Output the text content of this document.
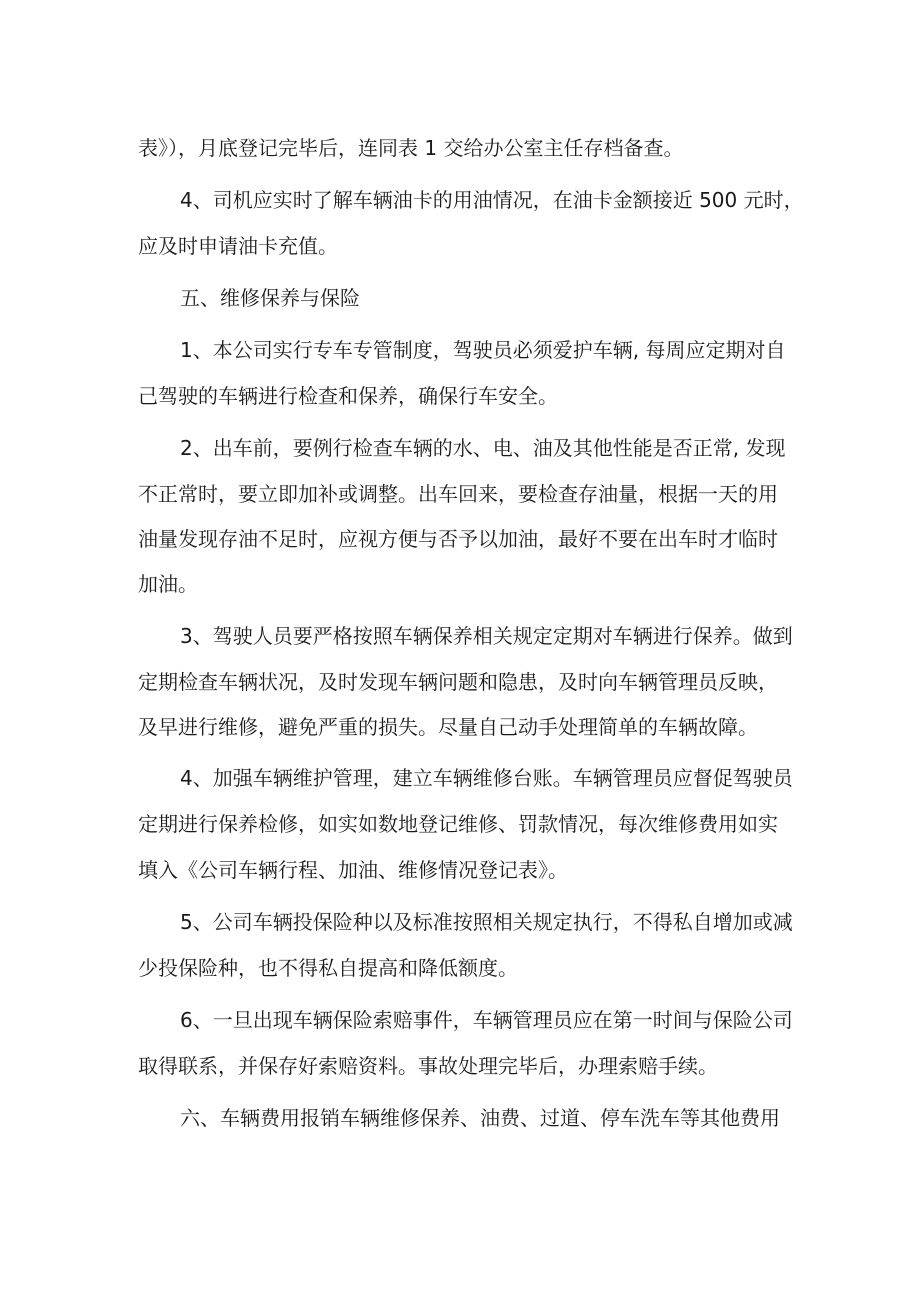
表》），月底登记完毕后，连同表 1 交给办公室主任存档备查。
4、司机应实时了解车辆油卡的用油情况，在油卡金额接近 500 元时，
应及时申请油卡充值。
五、维修保养与保险
1、本公司实行专车专管制度，驾驶员必须爱护车辆, 每周应定期对自
己驾驶的车辆进行检查和保养，确保行车安全。
2、出车前，要例行检查车辆的水、电、油及其他性能是否正常, 发现
不正常时，要立即加补或调整。出车回来，要检查存油量，根据一天的用
油量发现存油不足时，应视方便与否予以加油，最好不要在出车时才临时
加油。
3、驾驶人员要严格按照车辆保养相关规定定期对车辆进行保养。做到
定期检查车辆状况，及时发现车辆问题和隐患，及时向车辆管理员反映，
及早进行维修，避免严重的损失。尽量自己动手处理简单的车辆故障。
4、加强车辆维护管理，建立车辆维修台账。车辆管理员应督促驾驶员
定期进行保养检修，如实如数地登记维修、罚款情况，每次维修费用如实
填入《公司车辆行程、加油、维修情况登记表》。
5、公司车辆投保险种以及标准按照相关规定执行，不得私自增加或减
少投保险种，也不得私自提高和降低额度。
6、一旦出现车辆保险索赔事件，车辆管理员应在第一时间与保险公司
取得联系，并保存好索赔资料。事故处理完毕后，办理索赔手续。
六、车辆费用报销车辆维修保养、油费、过道、停车洗车等其他费用
